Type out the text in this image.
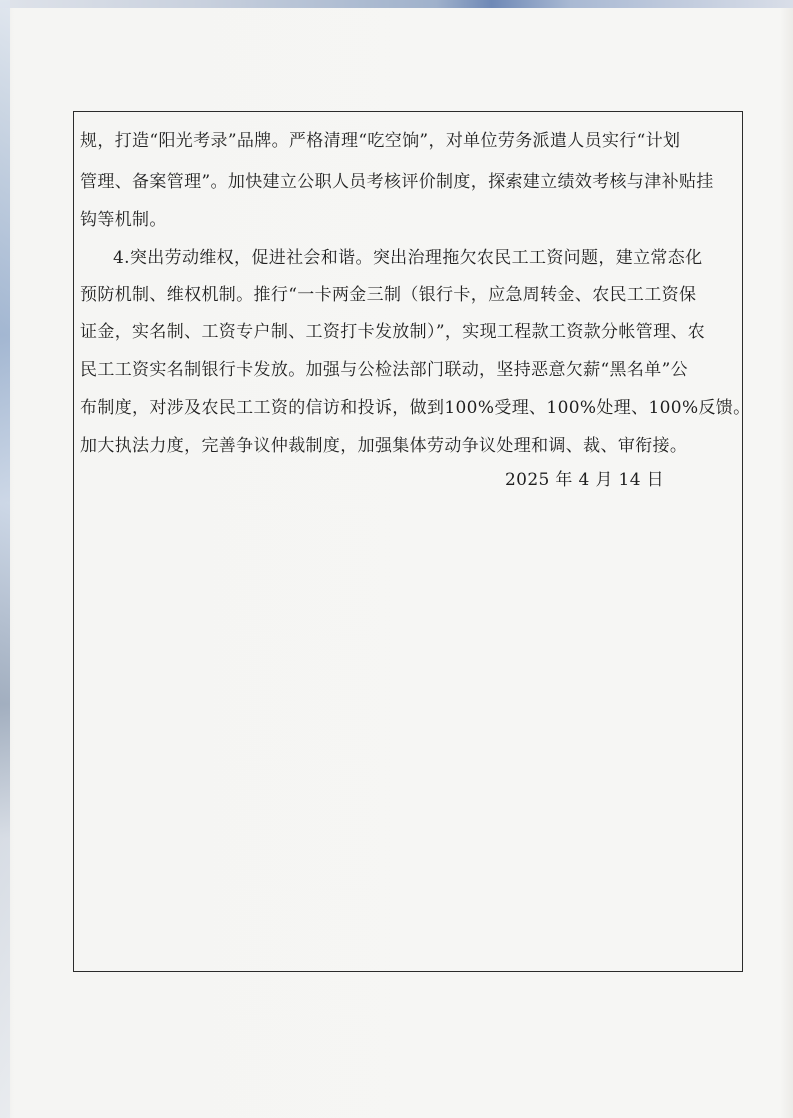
规，打造“阳光考录”品牌。严格清理“吃空饷”，对单位劳务派遣人员实行“计划
管理、备案管理”。加快建立公职人员考核评价制度，探索建立绩效考核与津补贴挂
钩等机制。
4.突出劳动维权，促进社会和谐。突出治理拖欠农民工工资问题，建立常态化
预防机制、维权机制。推行“一卡两金三制（银行卡，应急周转金、农民工工资保
证金，实名制、工资专户制、工资打卡发放制）”，实现工程款工资款分帐管理、农
民工工资实名制银行卡发放。加强与公检法部门联动，坚持恶意欠薪“黑名单”公
布制度，对涉及农民工工资的信访和投诉，做到100%受理、100%处理、100%反馈。
加大执法力度，完善争议仲裁制度，加强集体劳动争议处理和调、裁、审衔接。
2025 年 4 月 14 日
